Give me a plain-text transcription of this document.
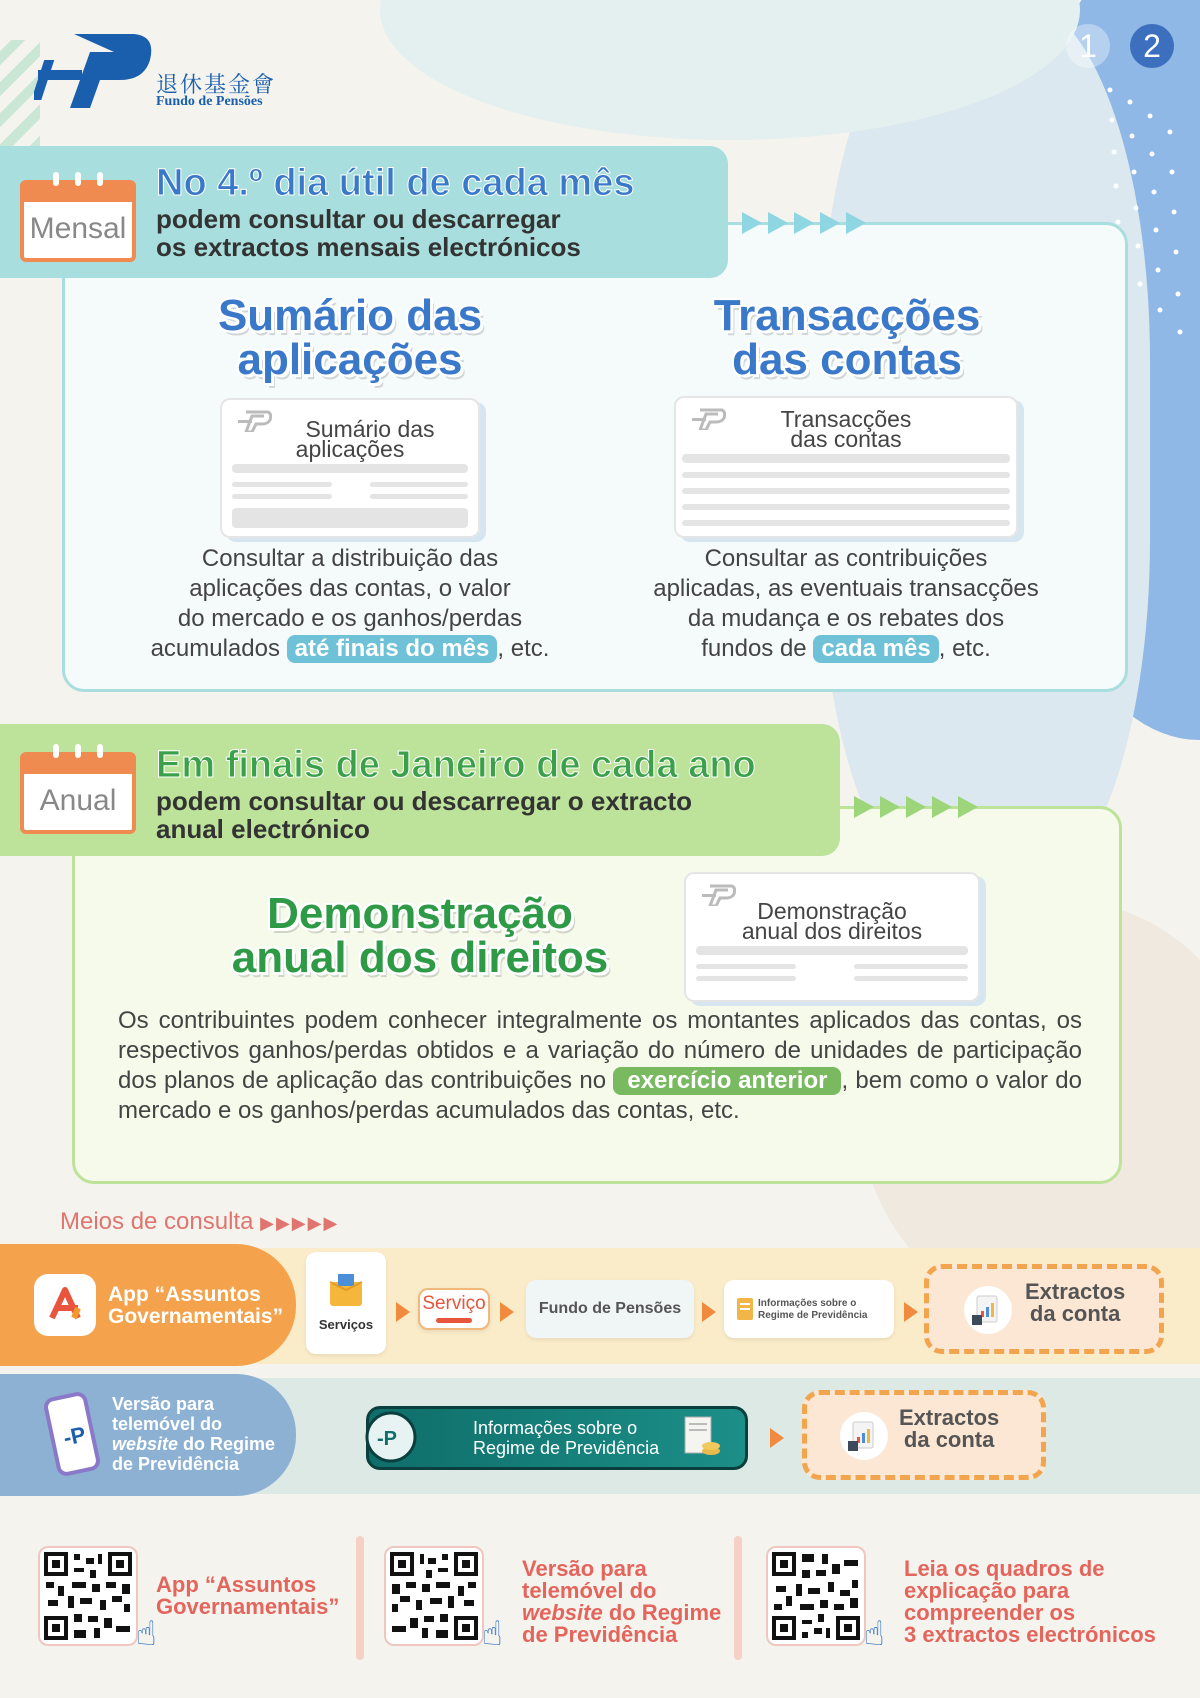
退休基金會
Fundo de Pensões
1	2
Mensal
No 4.º dia útil de cada mês
podem consultar ou descarregar
os extractos mensais electrónicos
Sumário das
aplicações
Sumário das
aplicações
Consultar a distribuição das
aplicações das contas, o valor
do mercado e os ganhos/perdas
acumulados até finais do mês , etc.
Transacções
das contas
Transacções
das contas
Consultar as contribuições
aplicadas, as eventuais transacções
da mudança e os rebates dos
fundos de cada mês , etc.
Anual
Em finais de Janeiro de cada ano
podem consultar ou descarregar o extracto
anual electrónico
Demonstração
anual dos direitos
Demonstração
anual dos direitos
Os contribuintes podem conhecer integralmente os montantes aplicados das contas, os respectivos ganhos/perdas obtidos e a variação do número de unidades de participação dos planos de aplicação das contribuições no exercício anterior , bem como o valor do mercado e os ganhos/perdas acumulados das contas, etc.
Meios de consulta ▶▶▶▶▶
App “Assuntos
Governamentais”	Serviços
Serviço	Fundo de Pensões	Informações sobre o
Regime de Previdência
Extractos
da conta
-P
Versão para
telemóvel do
website do Regime
de Previdência
-P	Informações sobre o
Regime de Previdência
Extractos
da conta
☝
App “Assuntos
Governamentais”
☝
Versão para
telemóvel do
website do Regime
de Previdência	☝
Leia os quadros de
explicação para
compreender os
3 extractos electrónicos
